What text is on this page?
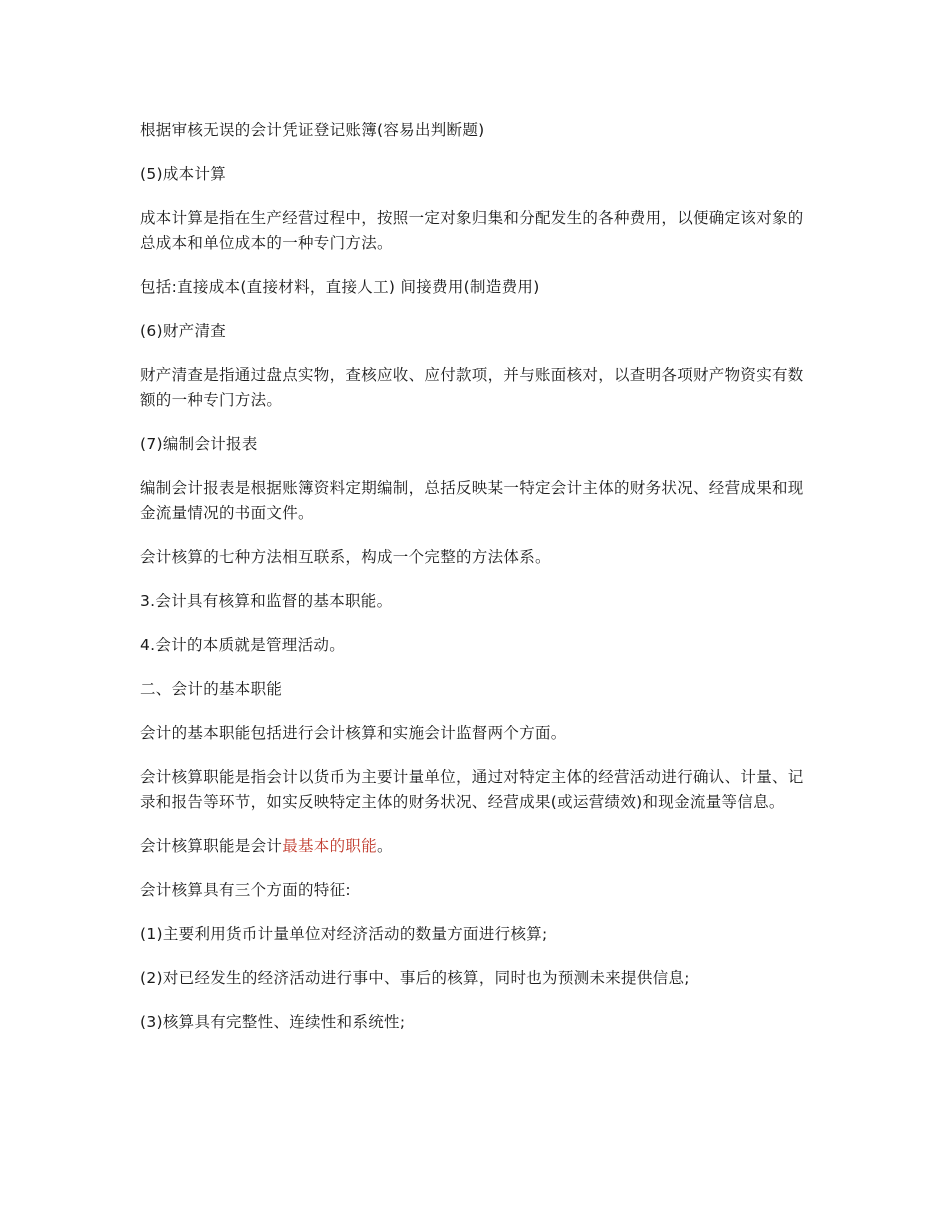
根据审核无误的会计凭证登记账簿(容易出判断题)

(5)成本计算

成本计算是指在生产经营过程中，按照一定对象归集和分配发生的各种费用，以便确定该对象的总成本和单位成本的一种专门方法。

包括:直接成本(直接材料，直接人工) 间接费用(制造费用)

(6)财产清查

财产清查是指通过盘点实物，查核应收、应付款项，并与账面核对，以查明各项财产物资实有数额的一种专门方法。

(7)编制会计报表

编制会计报表是根据账簿资料定期编制，总括反映某一特定会计主体的财务状况、经营成果和现金流量情况的书面文件。

会计核算的七种方法相互联系，构成一个完整的方法体系。

3.会计具有核算和监督的基本职能。

4.会计的本质就是管理活动。

二、会计的基本职能

会计的基本职能包括进行会计核算和实施会计监督两个方面。

会计核算职能是指会计以货币为主要计量单位，通过对特定主体的经营活动进行确认、计量、记录和报告等环节，如实反映特定主体的财务状况、经营成果(或运营绩效)和现金流量等信息。

会计核算职能是会计最基本的职能。

会计核算具有三个方面的特征:

(1)主要利用货币计量单位对经济活动的数量方面进行核算;

(2)对已经发生的经济活动进行事中、事后的核算，同时也为预测未来提供信息;

(3)核算具有完整性、连续性和系统性;
